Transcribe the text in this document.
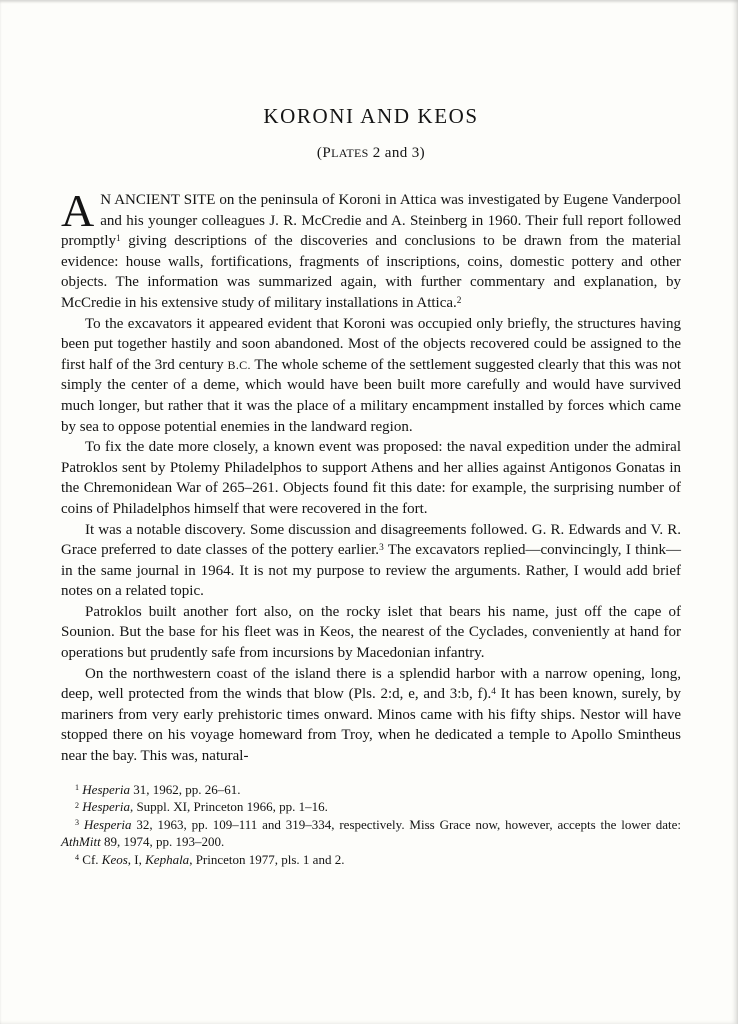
KORONI AND KEOS
(PLATES 2 and 3)

A N ANCIENT SITE on the peninsula of Koroni in Attica was investigated by Eugene Vanderpool and his younger colleagues J. R. McCredie and A. Steinberg in 1960. Their full report followed promptly$^1$ giving descriptions of the discoveries and conclusions to be drawn from the material evidence: house walls, fortifications, fragments of inscriptions, coins, domestic pottery and other objects. The information was summarized again, with further commentary and explanation, by McCredie in his extensive study of military installations in Attica.$^2$

To the excavators it appeared evident that Koroni was occupied only briefly, the structures having been put together hastily and soon abandoned. Most of the objects recovered could be assigned to the first half of the 3rd century B.C. The whole scheme of the settlement suggested clearly that this was not simply the center of a deme, which would have been built more carefully and would have survived much longer, but rather that it was the place of a military encampment installed by forces which came by sea to oppose potential enemies in the landward region.

To fix the date more closely, a known event was proposed: the naval expedition under the admiral Patroklos sent by Ptolemy Philadelphos to support Athens and her allies against Antigonos Gonatas in the Chremonidean War of 265–261. Objects found fit this date: for example, the surprising number of coins of Philadelphos himself that were recovered in the fort.

It was a notable discovery. Some discussion and disagreements followed. G. R. Edwards and V. R. Grace preferred to date classes of the pottery earlier.$^3$ The excavators replied—convincingly, I think—in the same journal in 1964. It is not my purpose to review the arguments. Rather, I would add brief notes on a related topic.

Patroklos built another fort also, on the rocky islet that bears his name, just off the cape of Sounion. But the base for his fleet was in Keos, the nearest of the Cyclades, conveniently at hand for operations but prudently safe from incursions by Macedonian infantry.

On the northwestern coast of the island there is a splendid harbor with a narrow opening, long, deep, well protected from the winds that blow (Pls. 2:d, e, and 3:b, f).$^4$ It has been known, surely, by mariners from very early prehistoric times onward. Minos came with his fifty ships. Nestor will have stopped there on his voyage homeward from Troy, when he dedicated a temple to Apollo Smintheus near the bay. This was, natural-

$^1$ Hesperia 31, 1962, pp. 26–61.

$^2$ Hesperia, Suppl. XI, Princeton 1966, pp. 1–16.

$^3$ Hesperia 32, 1963, pp. 109–111 and 319–334, respectively. Miss Grace now, however, accepts the lower date: AthMitt 89, 1974, pp. 193–200.

$^4$ Cf. Keos, I, Kephala, Princeton 1977, pls. 1 and 2.
